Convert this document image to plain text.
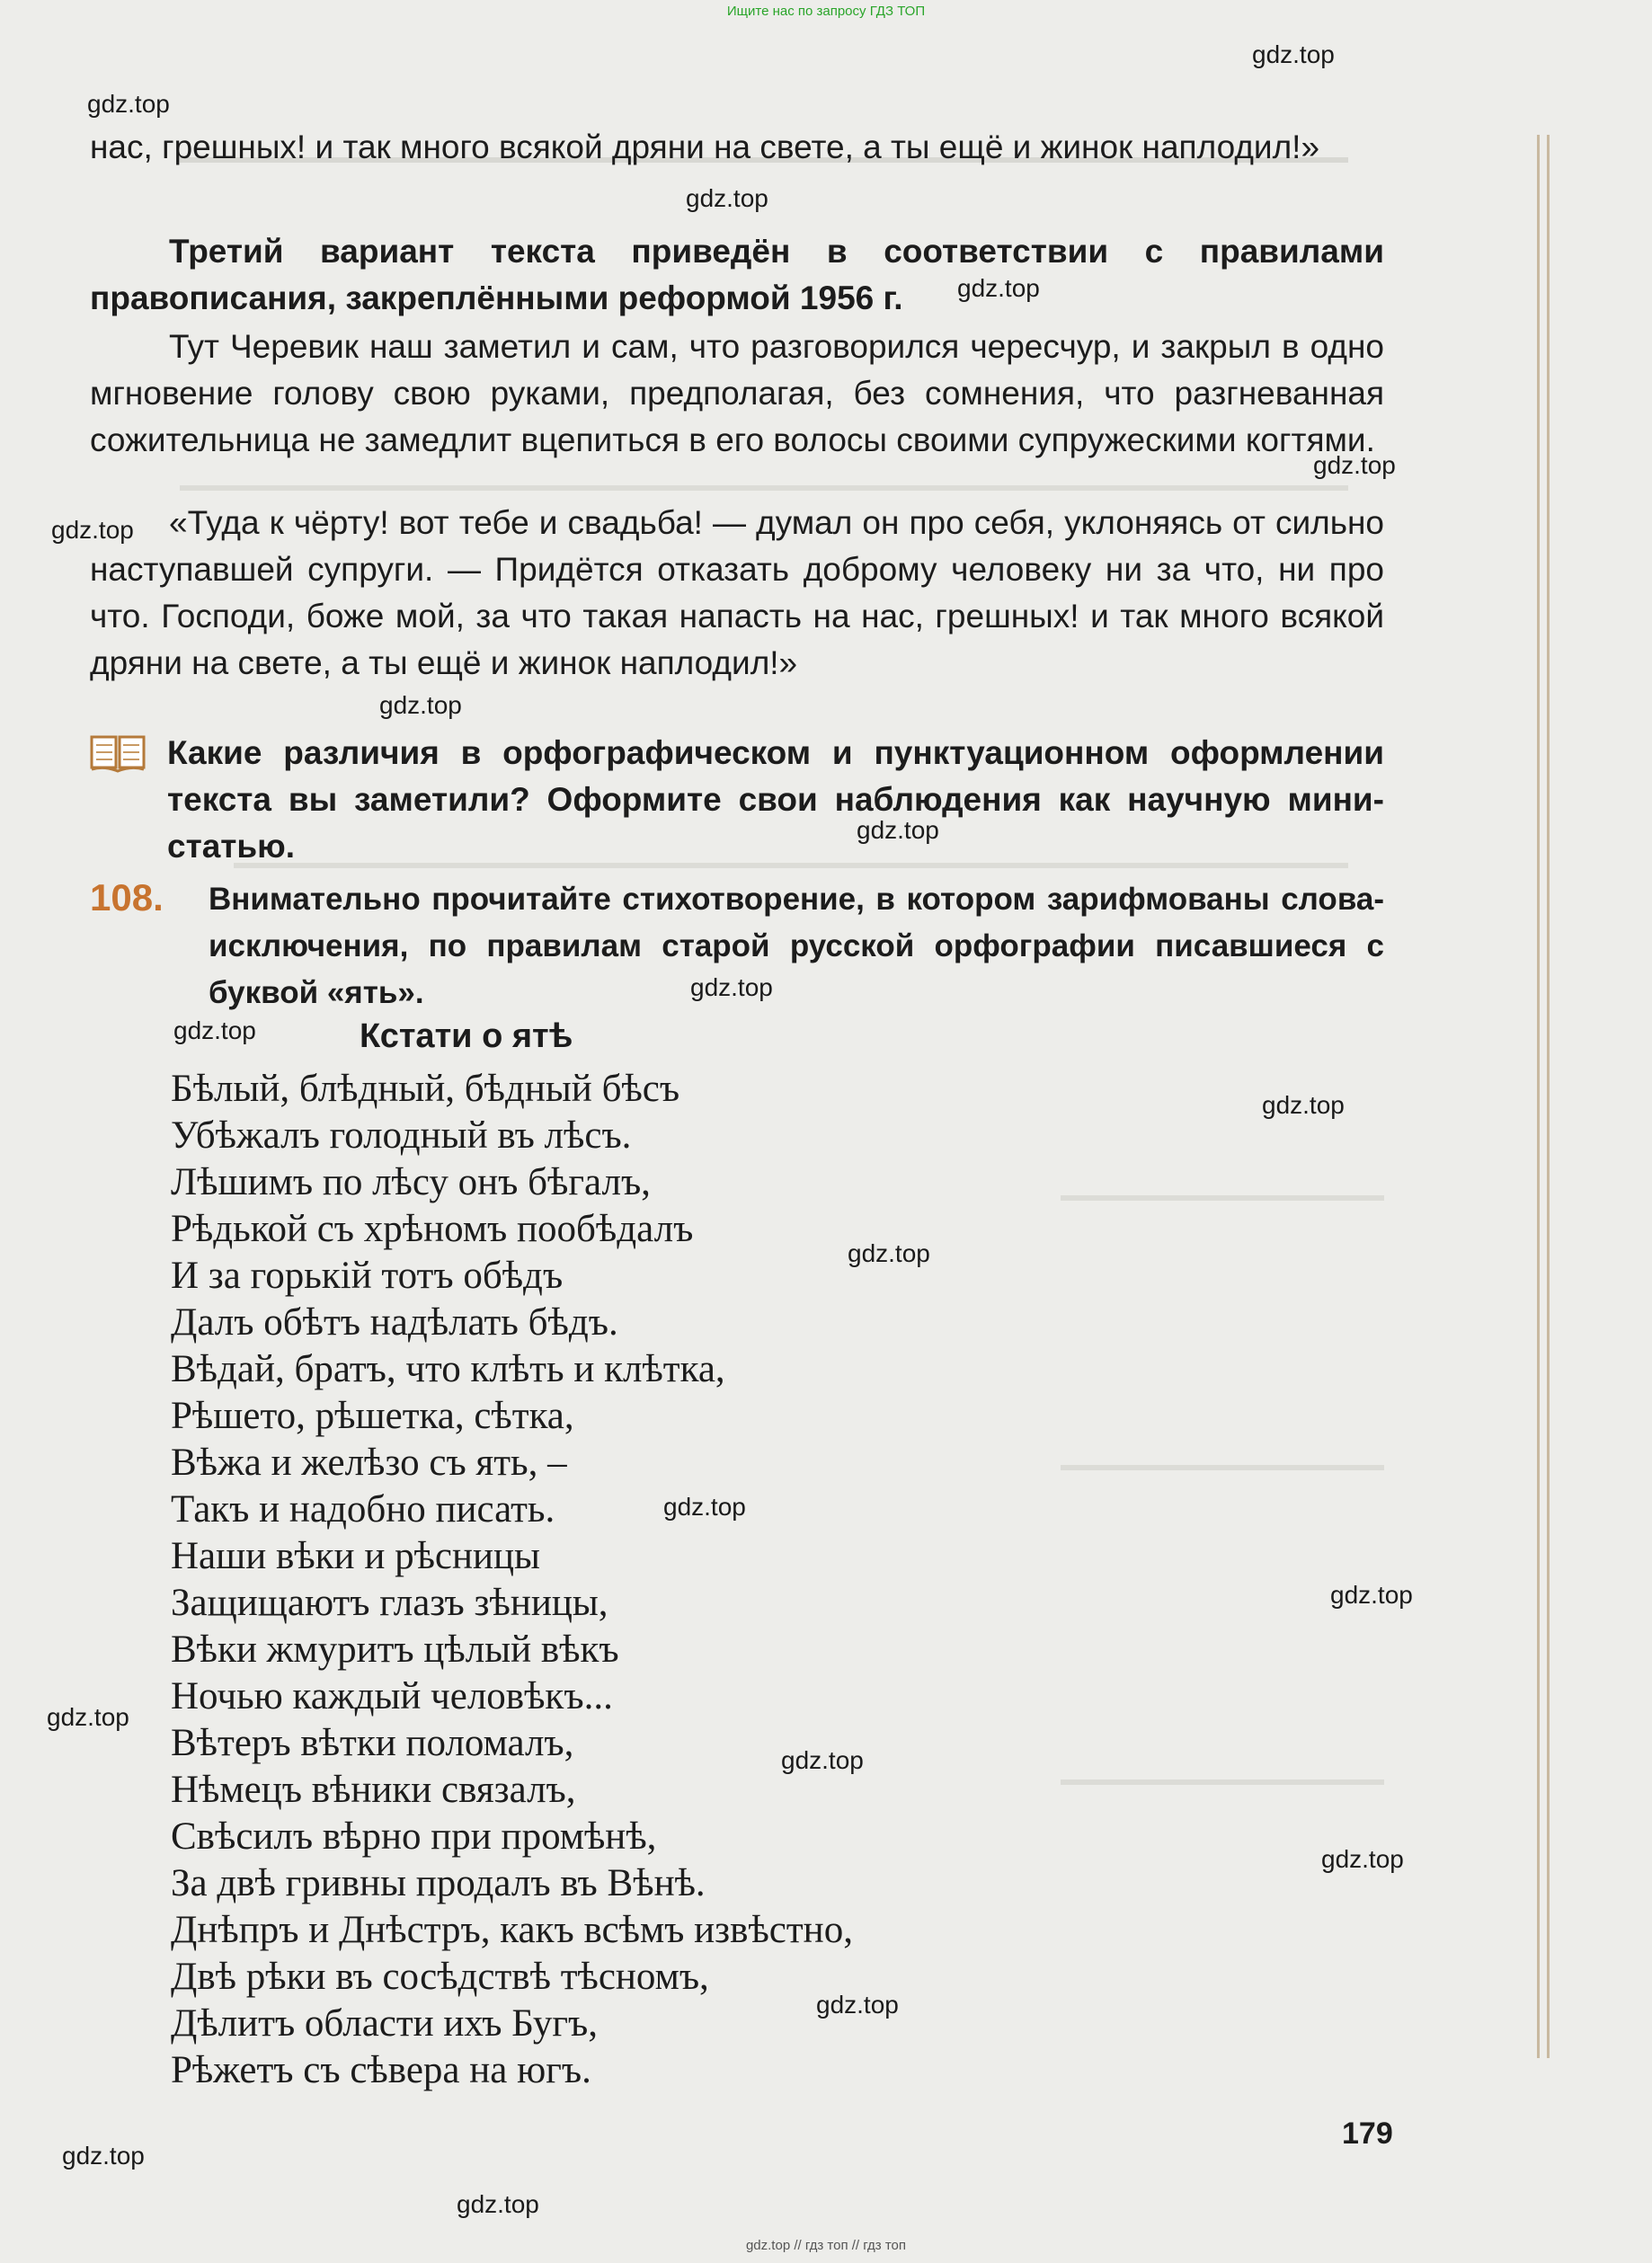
Ищите нас по запросу ГДЗ ТОП
gdz.top
gdz.top
gdz.top
gdz.top
gdz.top
gdz.top
gdz.top
gdz.top
gdz.top
gdz.top
gdz.top
gdz.top
gdz.top
gdz.top
gdz.top
gdz.top
gdz.top
gdz.top
gdz.top
gdz.top
нас, грешных! и так много всякой дряни на свете, а ты ещё и жинок наплодил!»
Третий вариант текста приведён в соответствии с правилами правописания, закреплёнными реформой 1956 г.
Тут Черевик наш заметил и сам, что разговорился чересчур, и закрыл в одно мгновение голову свою руками, предполагая, без сомнения, что разгневанная сожительница не замедлит вцепиться в его волосы своими супружескими когтями.
«Туда к чёрту! вот тебе и свадьба! — думал он про себя, уклоняясь от сильно наступавшей супруги. — Придётся отказать доброму человеку ни за что, ни про что. Господи, боже мой, за что такая напасть на нас, грешных! и так много всякой дряни на свете, а ты ещё и жинок наплодил!»
Какие различия в орфографическом и пунктуационном оформлении текста вы заметили? Оформите свои наблюдения как научную мини-статью.
108. Внимательно прочитайте стихотворение, в котором зарифмованы слова-исключения, по правилам старой русской орфографии писавшиеся с буквой «ять».
Кстати о ятѣ
Бѣлый, блѣдный, бѣдный бѣсъ
Убѣжалъ голодный въ лѣсъ.
Лѣшимъ по лѣсу онъ бѣгалъ,
Рѣдькой съ хрѣномъ пообѣдалъ
И за горькій тотъ обѣдъ
Далъ обѣтъ надѣлать бѣдъ.
Вѣдай, братъ, что клѣть и клѣтка,
Рѣшето, рѣшетка, сѣтка,
Вѣжа и желѣзо съ ять, –
Такъ и надобно писать.
Наши вѣки и рѣсницы
Защищаютъ глазъ зѣницы,
Вѣки жмуритъ цѣлый вѣкъ
Ночью каждый человѣкъ...
Вѣтеръ вѣтки поломалъ,
Нѣмецъ вѣники связалъ,
Свѣсилъ вѣрно при промѣнѣ,
За двѣ гривны продалъ въ Вѣнѣ.
Днѣпръ и Днѣстръ, какъ всѣмъ извѣстно,
Двѣ рѣки въ сосѣдствѣ тѣсномъ,
Дѣлитъ области ихъ Бугъ,
Рѣжетъ съ сѣвера на югъ.
179
gdz.top // гдз топ // гдз топ
